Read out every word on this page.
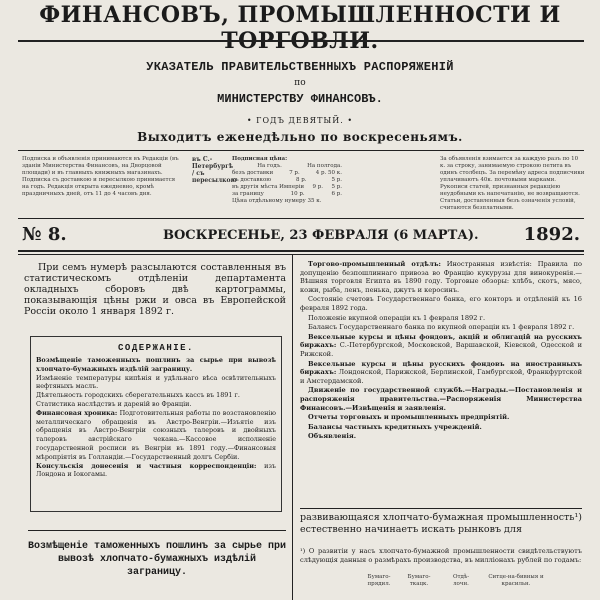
ФИНАНСОВЪ, ПРОМЫШЛЕННОСТИ И ТОРГОВЛИ.
УКАЗАТЕЛЬ ПРАВИТЕЛЬСТВЕННЫХЪ РАСПОРЯЖЕНІЙ
по
МИНИСТЕРСТВУ ФИНАНСОВЪ.
• ГОДЪ ДЕВЯТЫЙ. •
Выходитъ еженедѣльно по воскресеньямъ.
Подписка и объявленія принимаются въ Редакціи (въ зданіи Министерства Финансовъ, на Дворцовой площади) и въ главныхъ книжныхъ магазинахъ. Подписка съ доставкою и пересылкою принимается на годъ. Редакція открыта ежедневно, кромѣ праздничныхъ дней, отъ 11 до 4 часовъ дня.
въ С.-Петербургѣ / съ пересылкою
Подписная цѣна:
На годъ.	На полгода.
безъ доставки	7 р.	4 р. 50 к.
съ доставкою	8 р.	5 р.
въ другія мѣста Имперіи 9 р. 5 р.
за границу	10 р.	6 р.
Цѣна отдѣльному нумеру 35 к.
За объявленія взимается за каждую разъ по 10 к. за строку, занимаемую строкою петита въ одинъ столбецъ. За перемѣну адреса подписчики уплачиваютъ 40к. почтовыми марками. Рукописи статей, признанныя редакціею неудобными къ напечатанію, не возвращаются. Статьи, доставленныя безъ означенія условій, считаются безплатными.
№ 8.	ВОСКРЕСЕНЬЕ, 23 ФЕВРАЛЯ (6 МАРТА).	1892.

При семъ нумерѣ разсылаются составленныя въ статистическомъ отдѣленіи департамента окладныхъ сборовъ двѣ картограммы, показывающія цѣны ржи и овса въ Европейской Россіи около 1 января 1892 г.

СОДЕРЖАНІЕ.
Возмѣщеніе таможенныхъ пошлинъ за сырье при вывозѣ хлопчато-бумажныхъ издѣлій заграницу.
Измѣненіе температуры кипѣнія и удѣльнаго вѣса освѣтительныхъ нефтяныхъ маслъ.
Дѣятельность городскихъ сберегательныхъ кассъ въ 1891 г.
Статистика наслѣдствъ и дареній во Франціи.
Финансовая хроника: Подготовительныя работы по возстановленію металлическаго обращенія въ Австро-Венгріи.—Изъятіе изъ обращенія въ Австро-Венгріи союзныхъ талеровъ и двойныхъ талеровъ австрійскаго чекана.—Кассовое исполненіе государственной росписи въ Венгріи въ 1891 году.—Финансовыя мѣропріятія въ Голландіи.—Государственный долгъ Сербіи.
Консульскія донесенія и частныя корреспонденціи: изъ Лондона и Іокогамы.
Возмѣщеніе таможенныхъ пошлинъ за сырье при вывозѣ хлопчато-бумажныхъ издѣлій заграницу.

Торгово-промышленный отдѣлъ: Иностранныя извѣстія: Правила по допущенію безпошлиннаго привоза во Францію кукурузы для винокуренія.—Вѣшняя торговля Египта въ 1890 году. Торговые обзоры: хлѣбъ, скотъ, мясо, кожи, рыба, ленъ, пенька, джутъ и керосинъ.

Состояніе счетовъ Государственнаго банка, его конторъ и отдѣленій къ 16 февраля 1892 года.

Положеніе вкупной операціи къ 1 февраля 1892 г.

Балансъ Государственнаго банка по вкупной операціи къ 1 февраля 1892 г.

Вексельные курсы и цѣны фондовъ, акцій и облигацій на русскихъ биржахъ: С.-Петербургской, Московской, Варшавской, Кіевской, Одесской и Рижской.

Вексельные курсы и цѣны русскихъ фондовъ на иностранныхъ биржахъ: Лондонской, Парижской, Берлинской, Гамбургской, Франкфуртской и Амстердамской.

Движеніе по государственной службѣ.—Награды.—Постановленія и распоряженія правительства.—Распоряженія Министерства Финансовъ.—Извѣщенія и заявленія.

Отчеты торговыхъ и промышленныхъ предпріятій.

Балансы частныхъ кредитныхъ учрежденій.

Объявленія.

развивающаяся хлопчато-бумажная промышленность¹) естественно начинаетъ искать рынковъ для
¹) О развитіи у насъ хлопчато-бумажной промышленности свидѣтельствуютъ слѣдующія данныя о размѣрахъ производства, въ милліонахъ рублей по годамъ:
Бумаго-прядил.
Бумаго-ткацк.
Отдѣ-лочн.
Ситце-на-бивныя и красильн.
